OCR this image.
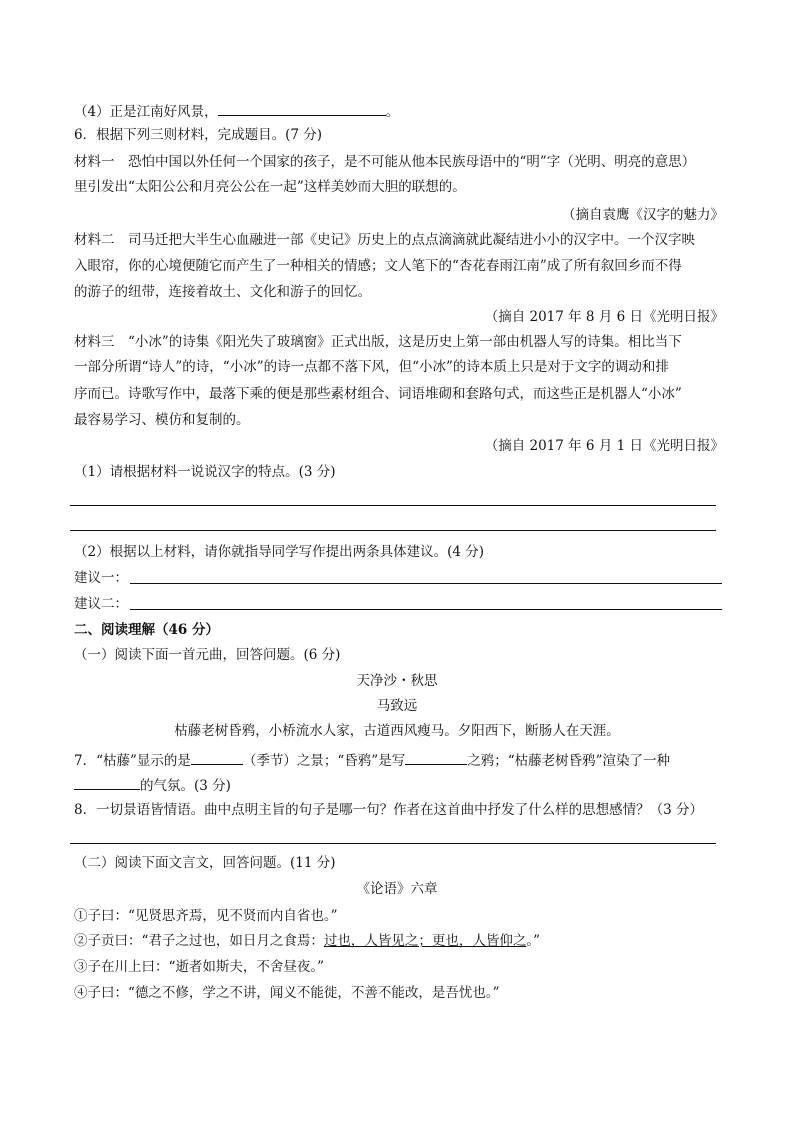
（4）正是江南好风景，	。
6．根据下列三则材料，完成题目。(7 分)
材料一　恐怕中国以外任何一个国家的孩子，是不可能从他本民族母语中的“明”字（光明、明亮的意思）
里引发出“太阳公公和月亮公公在一起”这样美妙而大胆的联想的。
（摘自袁鹰《汉字的魅力》
材料二　司马迁把大半生心血融进一部《史记》历史上的点点滴滴就此凝结进小小的汉字中。一个汉字映
入眼帘，你的心境便随它而产生了一种相关的情感；文人笔下的“杏花春雨江南”成了所有叙回乡而不得
的游子的纽带，连接着故土、文化和游子的回忆。
（摘自 2017 年 8 月 6 日《光明日报》
材料三　“小冰”的诗集《阳光失了玻璃窗》正式出版，这是历史上第一部由机器人写的诗集。相比当下
一部分所谓“诗人”的诗，“小冰”的诗一点都不落下风，但“小冰”的诗本质上只是对于文字的调动和排
序而已。诗歌写作中，最落下乘的便是那些素材组合、词语堆砌和套路句式，而这些正是机器人“小冰”
最容易学习、模仿和复制的。
（摘自 2017 年 6 月 1 日《光明日报》
（1）请根据材料一说说汉字的特点。(3 分)
（2）根据以上材料，请你就指导同学写作提出两条具体建议。(4 分)
建议一：
建议二：
二、阅读理解（46 分）
（一）阅读下面一首元曲，回答问题。(6 分)
天净沙・秋思
马致远
枯藤老树昏鸦，小桥流水人家，古道西风瘦马。夕阳西下，断肠人在天涯。
7．“枯藤”显示的是	（季节）之景；“昏鸦”是写	之鸦；“枯藤老树昏鸦”渲染了一种
的气氛。(3 分)
8．一切景语皆情语。曲中点明主旨的句子是哪一句？作者在这首曲中抒发了什么样的思想感情？（3 分）
（二）阅读下面文言文，回答问题。(11 分)
《论语》六章
①子曰：“见贤思齐焉，见不贤而内自省也。”
②子贡曰：“君子之过也，如日月之食焉：过也，人皆见之；更也，人皆仰之。”
③子在川上曰：“逝者如斯夫，不舍昼夜。”
④子曰：“德之不修，学之不讲，闻义不能徙，不善不能改，是吾忧也。”
